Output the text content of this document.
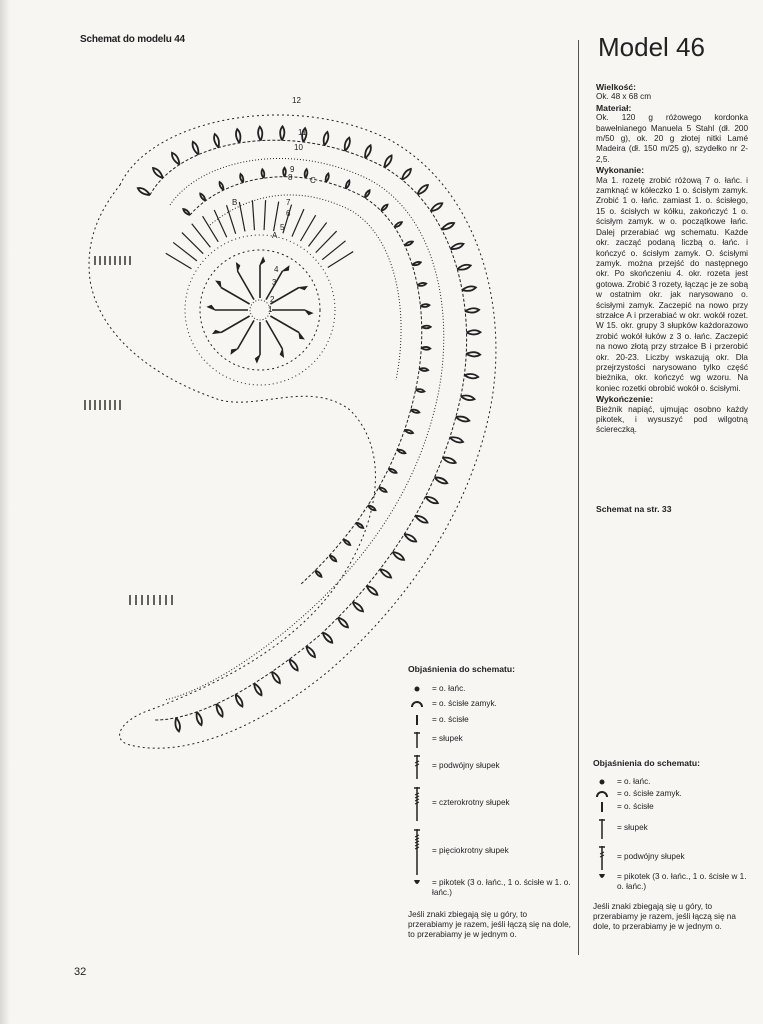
Schemat do modelu 44
12
11
10
9
8
7
6
5
4
3
2
1
A
B
C
Model 46
Wielkość:

Ok. 48 x 68 cm

Materiał:

Ok. 120 g różowego kordonka bawełnianego Manuela 5 Stahl (dł. 200 m/50 g), ok. 20 g złotej nitki Lamé Madeira (dł. 150 m/25 g), szydełko nr 2-2,5.

Wykonanie:

Ma 1. rozetę zrobić różową 7 o. łańc. i zamknąć w kółeczko 1 o. ścisłym zamyk. Zrobić 1 o. łańc. zamiast 1. o. ścisłego, 15 o. ścisłych w kółku, zakończyć 1 o. ścisłym zamyk. w o. początkowe łańc. Dalej przerabiać wg schematu. Każde okr. zacząć podaną liczbą o. łańc. i kończyć o. ścisłym zamyk. O. ścisłymi zamyk. można przejść do następnego okr. Po skończeniu 4. okr. rozeta jest gotowa. Zrobić 3 rozety, łącząc je ze sobą w ostatnim okr. jak narysowano o. ścisłymi zamyk. Zaczepić na nowo przy strzałce A i przerabiać w okr. wokół rozet. W 15. okr. grupy 3 słupków każdorazowo zrobić wokół łuków z 3 o. łańc. Zaczepić na nowo złotą przy strzałce B i przerobić okr. 20-23. Liczby wskazują okr. Dla przejrzystości narysowano tylko część bieżnika, okr. kończyć wg wzoru. Na koniec rozetki obrobić wokół o. ścisłymi.

Wykończenie:

Bieżnik napiąć, ujmując osobno każdy pikotek, i wysuszyć pod wilgotną ściereczką.

Schemat na str. 33
Objaśnienia do schematu:
= o. łańc.
= o. ścisłe zamyk.
= o. ścisłe
= słupek
= podwójny słupek
= czterokrotny słupek
= pięciokrotny słupek
= pikotek (3 o. łańc., 1 o. ścisłe w 1. o. łańc.)
Jeśli znaki zbiegają się u góry, to przerabiamy je razem, jeśli łączą się na dole, to przerabiamy je w jednym o.
Objaśnienia do schematu:
= o. łańc.
= o. ścisłe zamyk.
= o. ścisłe
= słupek
= podwójny słupek
= pikotek (3 o. łańc., 1 o. ścisłe w 1. o. łańc.)
Jeśli znaki zbiegają się u góry, to przerabiamy je razem, jeśli łączą się na dole, to przerabiamy je w jednym o.
32
